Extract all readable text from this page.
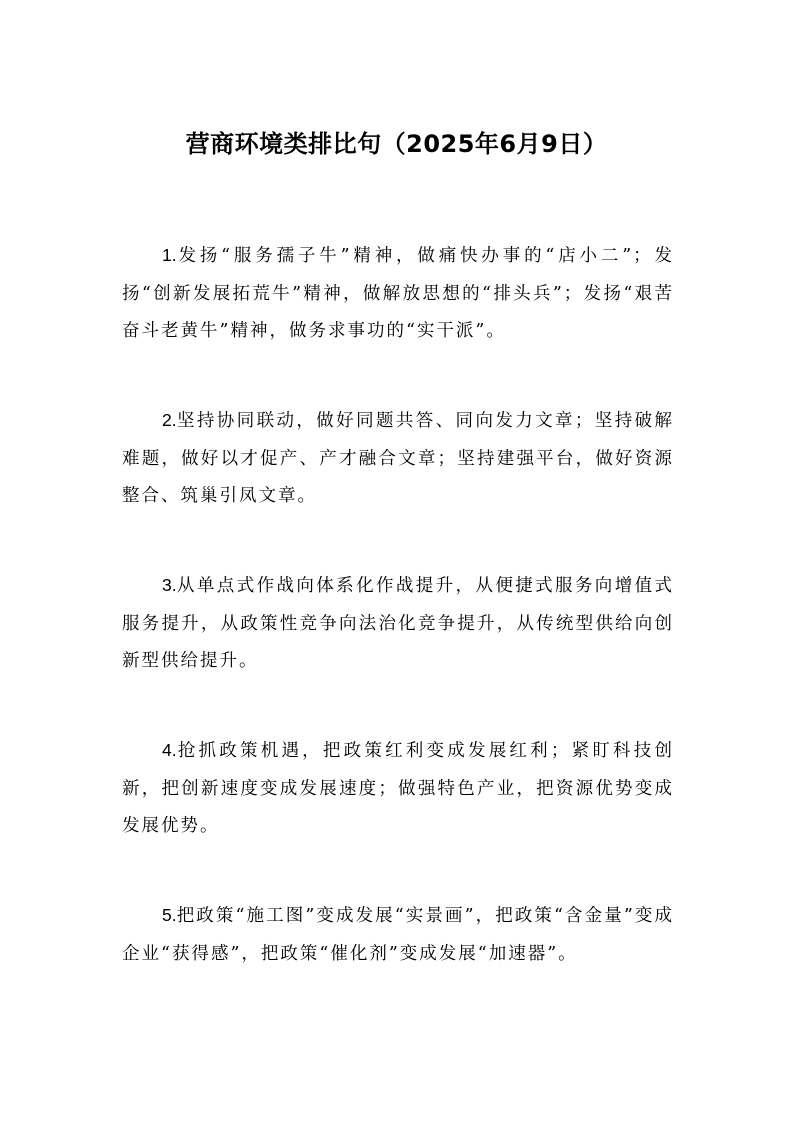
营商环境类排比句（2025年6月9日）

1.发扬“服务孺子牛”精神，做痛快办事的“店小二”；发扬“创新发展拓荒牛”精神，做解放思想的“排头兵”；发扬“艰苦奋斗老黄牛”精神，做务求事功的“实干派”。

2.坚持协同联动，做好同题共答、同向发力文章；坚持破解难题，做好以才促产、产才融合文章；坚持建强平台，做好资源整合、筑巢引凤文章。

3.从单点式作战向体系化作战提升，从便捷式服务向增值式服务提升，从政策性竞争向法治化竞争提升，从传统型供给向创新型供给提升。

4.抢抓政策机遇，把政策红利变成发展红利；紧盯科技创新，把创新速度变成发展速度；做强特色产业，把资源优势变成发展优势。

5.把政策“施工图”变成发展“实景画”，把政策“含金量”变成企业“获得感”，把政策“催化剂”变成发展“加速器”。
